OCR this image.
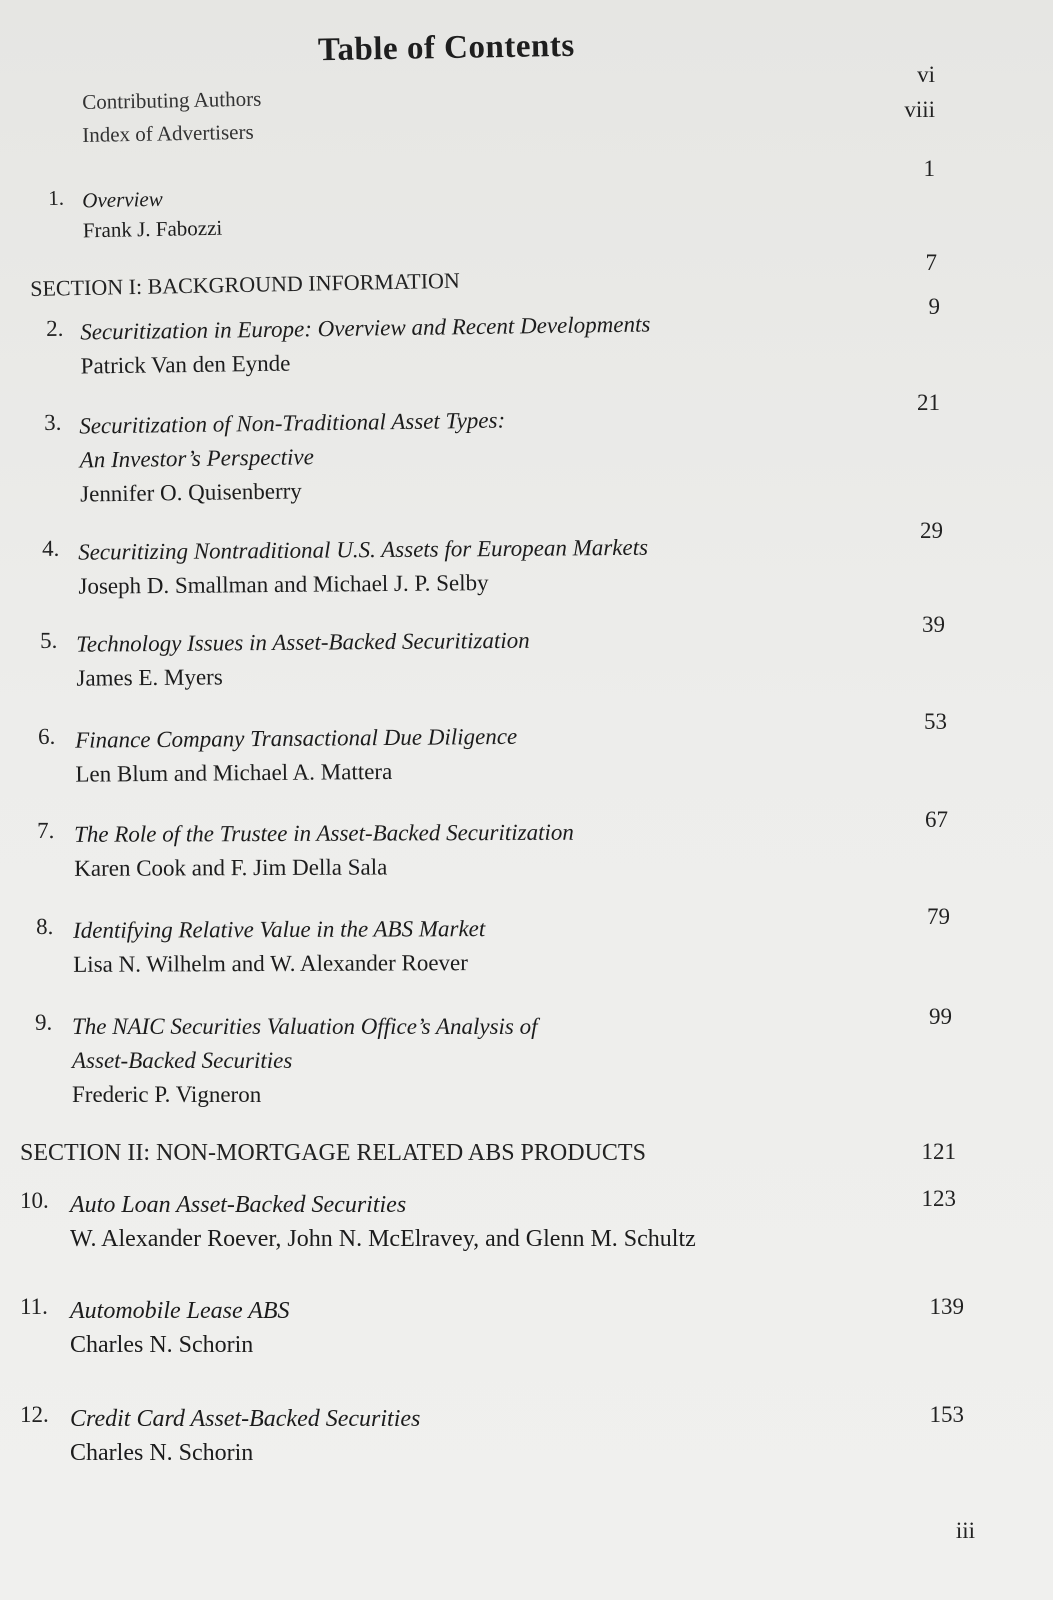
Table of Contents
Contributing Authors
vi
Index of Advertisers
viii
1. Overview
Frank J. Fabozzi
1
SECTION I: BACKGROUND INFORMATION
7
2. Securitization in Europe: Overview and Recent Developments
Patrick Van den Eynde
9
3. Securitization of Non-Traditional Asset Types:
An Investor’s Perspective
Jennifer O. Quisenberry
21
4. Securitizing Nontraditional U.S. Assets for European Markets
Joseph D. Smallman and Michael J. P. Selby
29
5. Technology Issues in Asset-Backed Securitization
James E. Myers
39
6. Finance Company Transactional Due Diligence
Len Blum and Michael A. Mattera
53
7. The Role of the Trustee in Asset-Backed Securitization
Karen Cook and F. Jim Della Sala
67
8. Identifying Relative Value in the ABS Market
Lisa N. Wilhelm and W. Alexander Roever
79
9. The NAIC Securities Valuation Office’s Analysis of
Asset-Backed Securities
Frederic P. Vigneron
99
SECTION II: NON-MORTGAGE RELATED ABS PRODUCTS	121
10. Auto Loan Asset-Backed Securities
W. Alexander Roever, John N. McElravey, and Glenn M. Schultz
123
11. Automobile Lease ABS
Charles N. Schorin
139
12. Credit Card Asset-Backed Securities
Charles N. Schorin
153
iii
